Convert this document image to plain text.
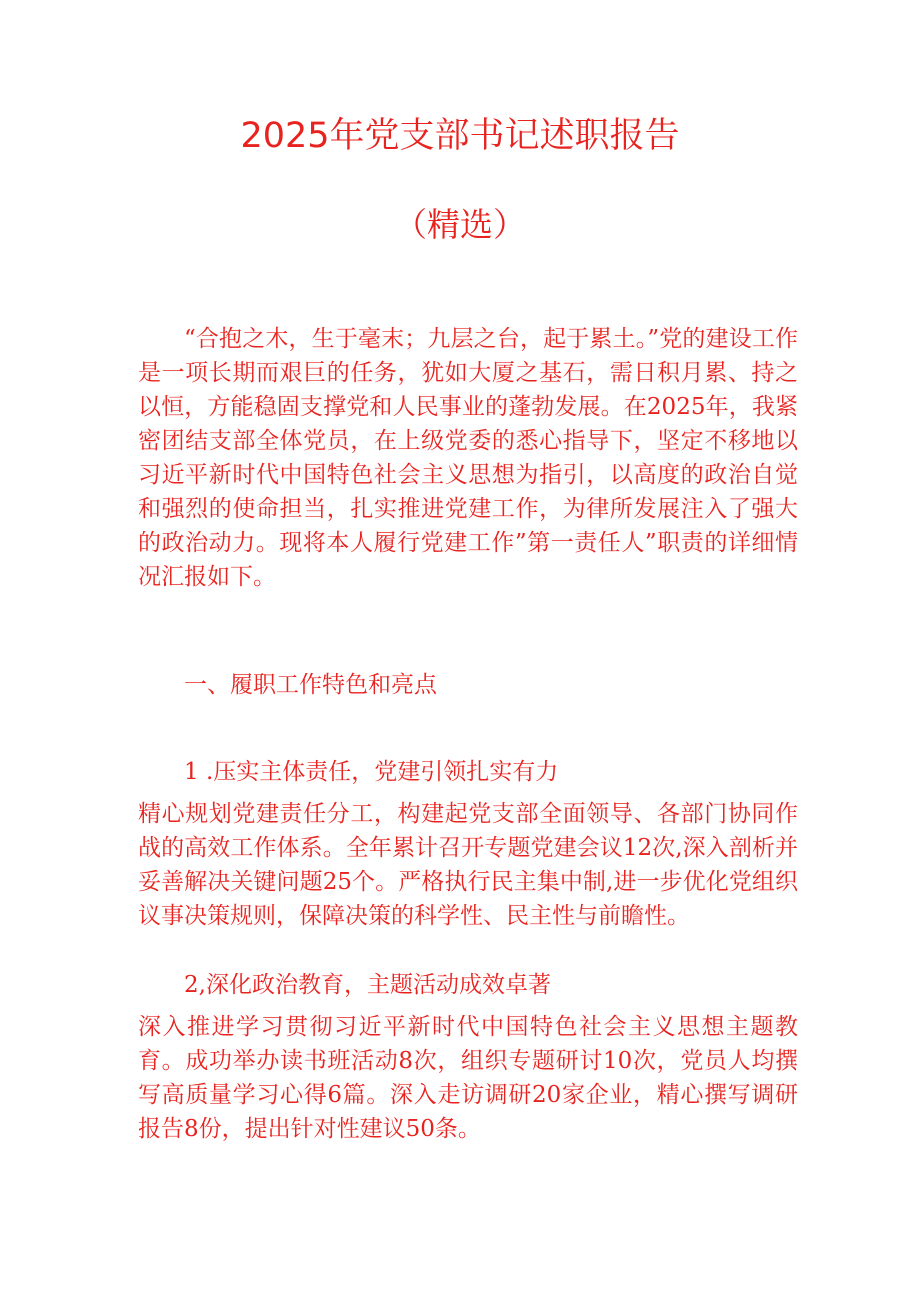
2025年党支部书记述职报告
（精选）

“合抱之木，生于毫末；九层之台，起于累土。”党的建设工作是一项长期而艰巨的任务，犹如大厦之基石，需日积月累、持之以恒，方能稳固支撑党和人民事业的蓬勃发展。在2025年，我紧密团结支部全体党员，在上级党委的悉心指导下，坚定不移地以习近平新时代中国特色社会主义思想为指引，以高度的政治自觉和强烈的使命担当，扎实推进党建工作，为律所发展注入了强大的政治动力。现将本人履行党建工作”第一责任人”职责的详细情况汇报如下。

一、履职工作特色和亮点

1 .压实主体责任，党建引领扎实有力

精心规划党建责任分工，构建起党支部全面领导、各部门协同作战的高效工作体系。全年累计召开专题党建会议12次,深入剖析并妥善解决关键问题25个。严格执行民主集中制,进一步优化党组织议事决策规则，保障决策的科学性、民主性与前瞻性。

2,深化政治教育，主题活动成效卓著

深入推进学习贯彻习近平新时代中国特色社会主义思想主题教育。成功举办读书班活动8次，组织专题研讨10次，党员人均撰写高质量学习心得6篇。深入走访调研20家企业，精心撰写调研报告8份，提出针对性建议50条。
